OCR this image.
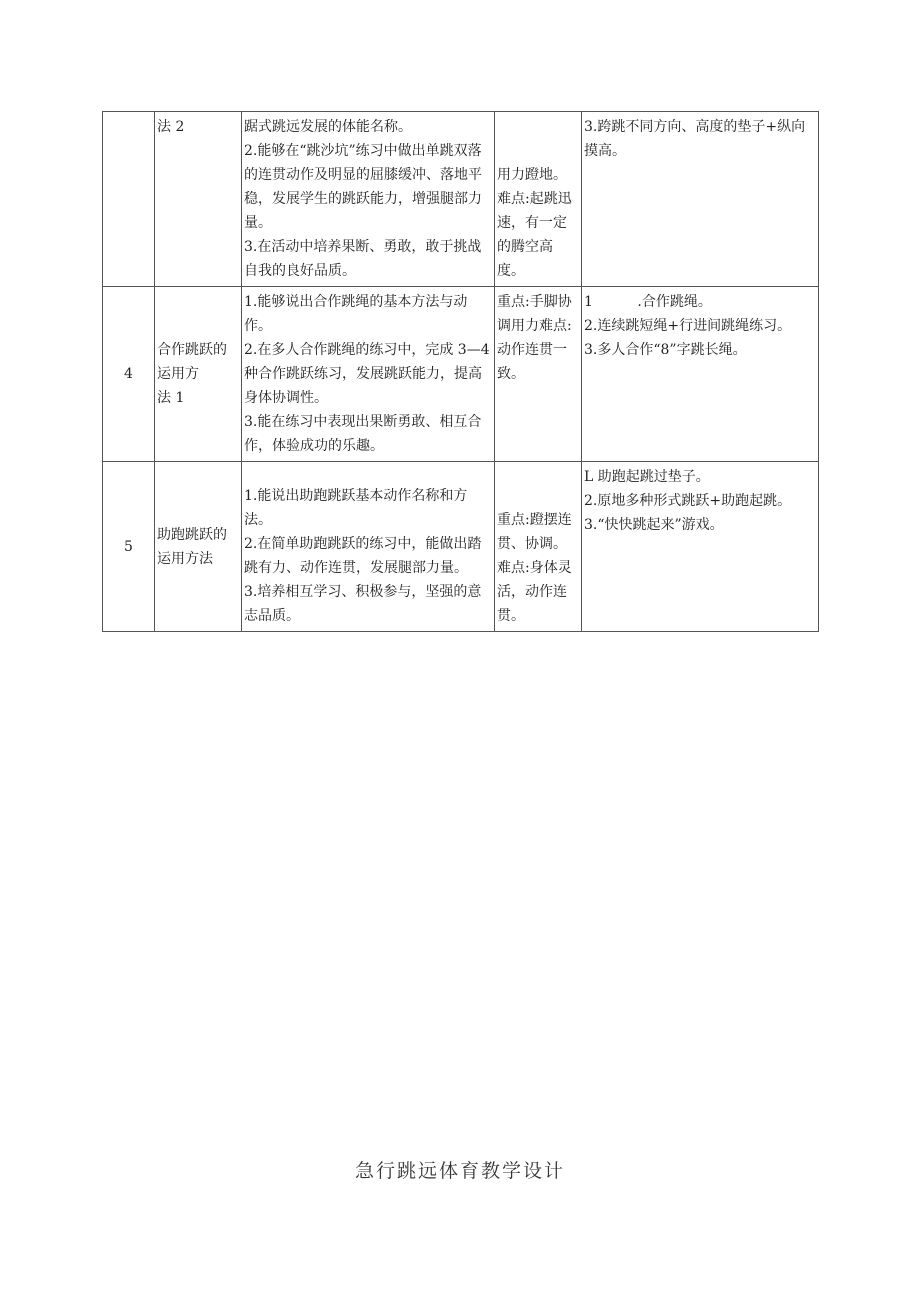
	法 2	踞式跳远发展的体能名称。
2.能够在“跳沙坑”练习中做出单跳双落的连贯动作及明显的屈膝缓冲、落地平稳，发展学生的跳跃能力，增强腿部力量。
3.在活动中培养果断、勇敢，敢于挑战自我的良好品质。	用力蹬地。
难点:起跳迅速，有一定的腾空高度。	3.跨跳不同方向、高度的垫子+纵向摸高。

4	合作跳跃的运用方
法 1	1.能够说出合作跳绳的基本方法与动作。
2.在多人合作跳绳的练习中，完成 3—4 种合作跳跃练习，发展跳跃能力，提高身体协调性。
3.能在练习中表现出果断勇敢、相互合作，体验成功的乐趣。	重点:手脚协调用力难点:动作连贯一致。	1          .合作跳绳。
2.连续跳短绳+行进间跳绳练习。
3.多人合作“8”字跳长绳。

5	助跑跳跃的运用方法	1.能说出助跑跳跃基本动作名称和方法。
2.在简单助跑跳跃的练习中，能做出踏跳有力、动作连贯，发展腿部力量。
3.培养相互学习、积极参与，坚强的意志品质。	重点:蹬摆连贯、协调。
难点:身体灵活，动作连贯。	L 助跑起跳过垫子。
2.原地多种形式跳跃+助跑起跳。
3.“快快跳起来”游戏。
急行跳远体育教学设计
